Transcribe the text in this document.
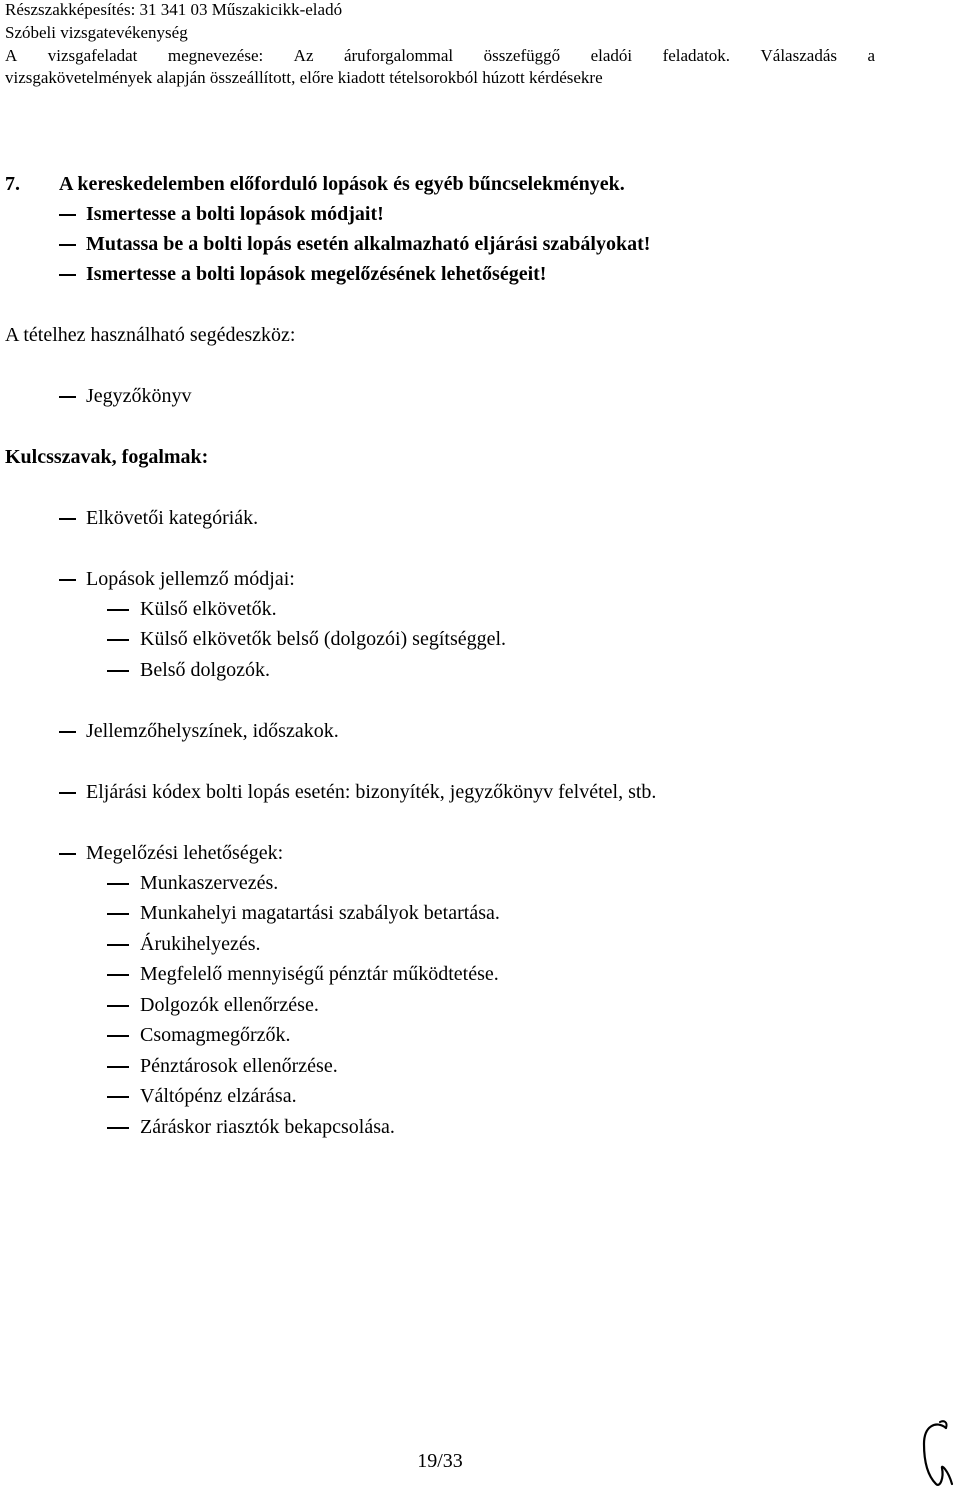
Részszakképesítés: 31 341 03 Műszakicikk-eladó
Szóbeli vizsgatevékenység
A vizsgafeladat megnevezése: Az áruforgalommal összefüggő eladói feladatok. Válaszadás a
vizsgakövetelmények alapján összeállított, előre kiadott tételsorokból húzott kérdésekre
7. A kereskedelemben előforduló lopások és egyéb bűncselekmények.
Ismertesse a bolti lopások módjait!
Mutassa be a bolti lopás esetén alkalmazható eljárási szabályokat!
Ismertesse a bolti lopások megelőzésének lehetőségeit!
A tételhez használható segédeszköz:
Jegyzőkönyv
Kulcsszavak, fogalmak:
Elkövetői kategóriák.
Lopások jellemző módjai:
Külső elkövetők.
Külső elkövetők belső (dolgozói) segítséggel.
Belső dolgozók.
Jellemzőhelyszínek, időszakok.
Eljárási kódex bolti lopás esetén: bizonyíték, jegyzőkönyv felvétel, stb.
Megelőzési lehetőségek:
Munkaszervezés.
Munkahelyi magatartási szabályok betartása.
Árukihelyezés.
Megfelelő mennyiségű pénztár működtetése.
Dolgozók ellenőrzése.
Csomagmegőrzők.
Pénztárosok ellenőrzése.
Váltópénz elzárása.
Záráskor riasztók bekapcsolása.
19/33
